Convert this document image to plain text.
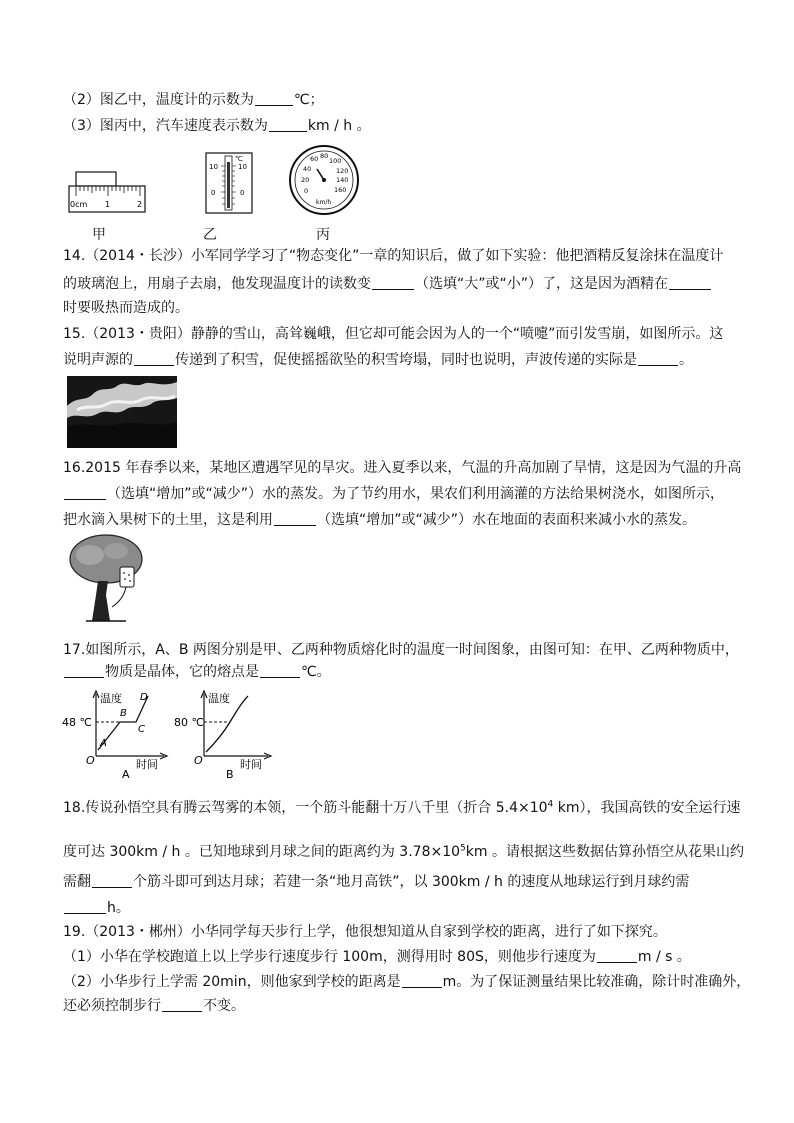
（2）图乙中，温度计的示数为	℃；
（3）图丙中，汽车速度表示数为	km / h 。
0cm 1	2
℃
10
0
10
0
60 80
100
40	120
20	140
0	160
km/h
甲	乙	丙
14.（2014・长沙）小军同学学习了“物态变化”一章的知识后，做了如下实验：他把酒精反复涂抹在温度计
的玻璃泡上，用扇子去扇，他发现温度计的读数变	（选填“大”或“小”）了，这是因为酒精在
时要吸热而造成的。
15.（2013・贵阳）静静的雪山，高耸巍峨，但它却可能会因为人的一个“喷嚏”而引发雪崩，如图所示。这
说明声源的	传递到了积雪，促使摇摇欲坠的积雪垮塌，同时也说明，声波传递的实际是	。
16.2015 年春季以来，某地区遭遇罕见的旱灾。进入夏季以来，气温的升高加剧了旱情，这是因为气温的升高
（选填“增加”或“减少”）水的蒸发。为了节约用水，果农们利用滴灌的方法给果树浇水，如图所示，
把水滴入果树下的土里，这是利用	（选填“增加”或“减少”）水在地面的表面积来减小水的蒸发。
17.如图所示，A、B 两图分别是甲、乙两种物质熔化时的温度一时间图象，由图可知：在甲、乙两种物质中，
物质是晶体，它的熔点是	℃。
温度
时间
48 ℃
O
A
B
C
D
A
温度
时间
80 ℃
O
B
18.传说孙悟空具有腾云驾雾的本领，一个筋斗能翻十万八千里（折合 $5.4\times 10^4$ km），我国高铁的安全运行速
度可达 300km / h 。已知地球到月球之间的距离约为 $3.78\times 10^5km$ 。请根据这些数据估算孙悟空从花果山约
需翻	个筋斗即可到达月球；若建一条“地月高铁”，以 300km / h 的速度从地球运行到月球约需
h。
19.（2013・郴州）小华同学每天步行上学，他很想知道从自家到学校的距离，进行了如下探究。
（1）小华在学校跑道上以上学步行速度步行 100m，测得用时 80S，则他步行速度为	m / s 。
（2）小华步行上学需 20min，则他家到学校的距离是	m。为了保证测量结果比较准确，除计时准确外，
还必须控制步行	不变。
